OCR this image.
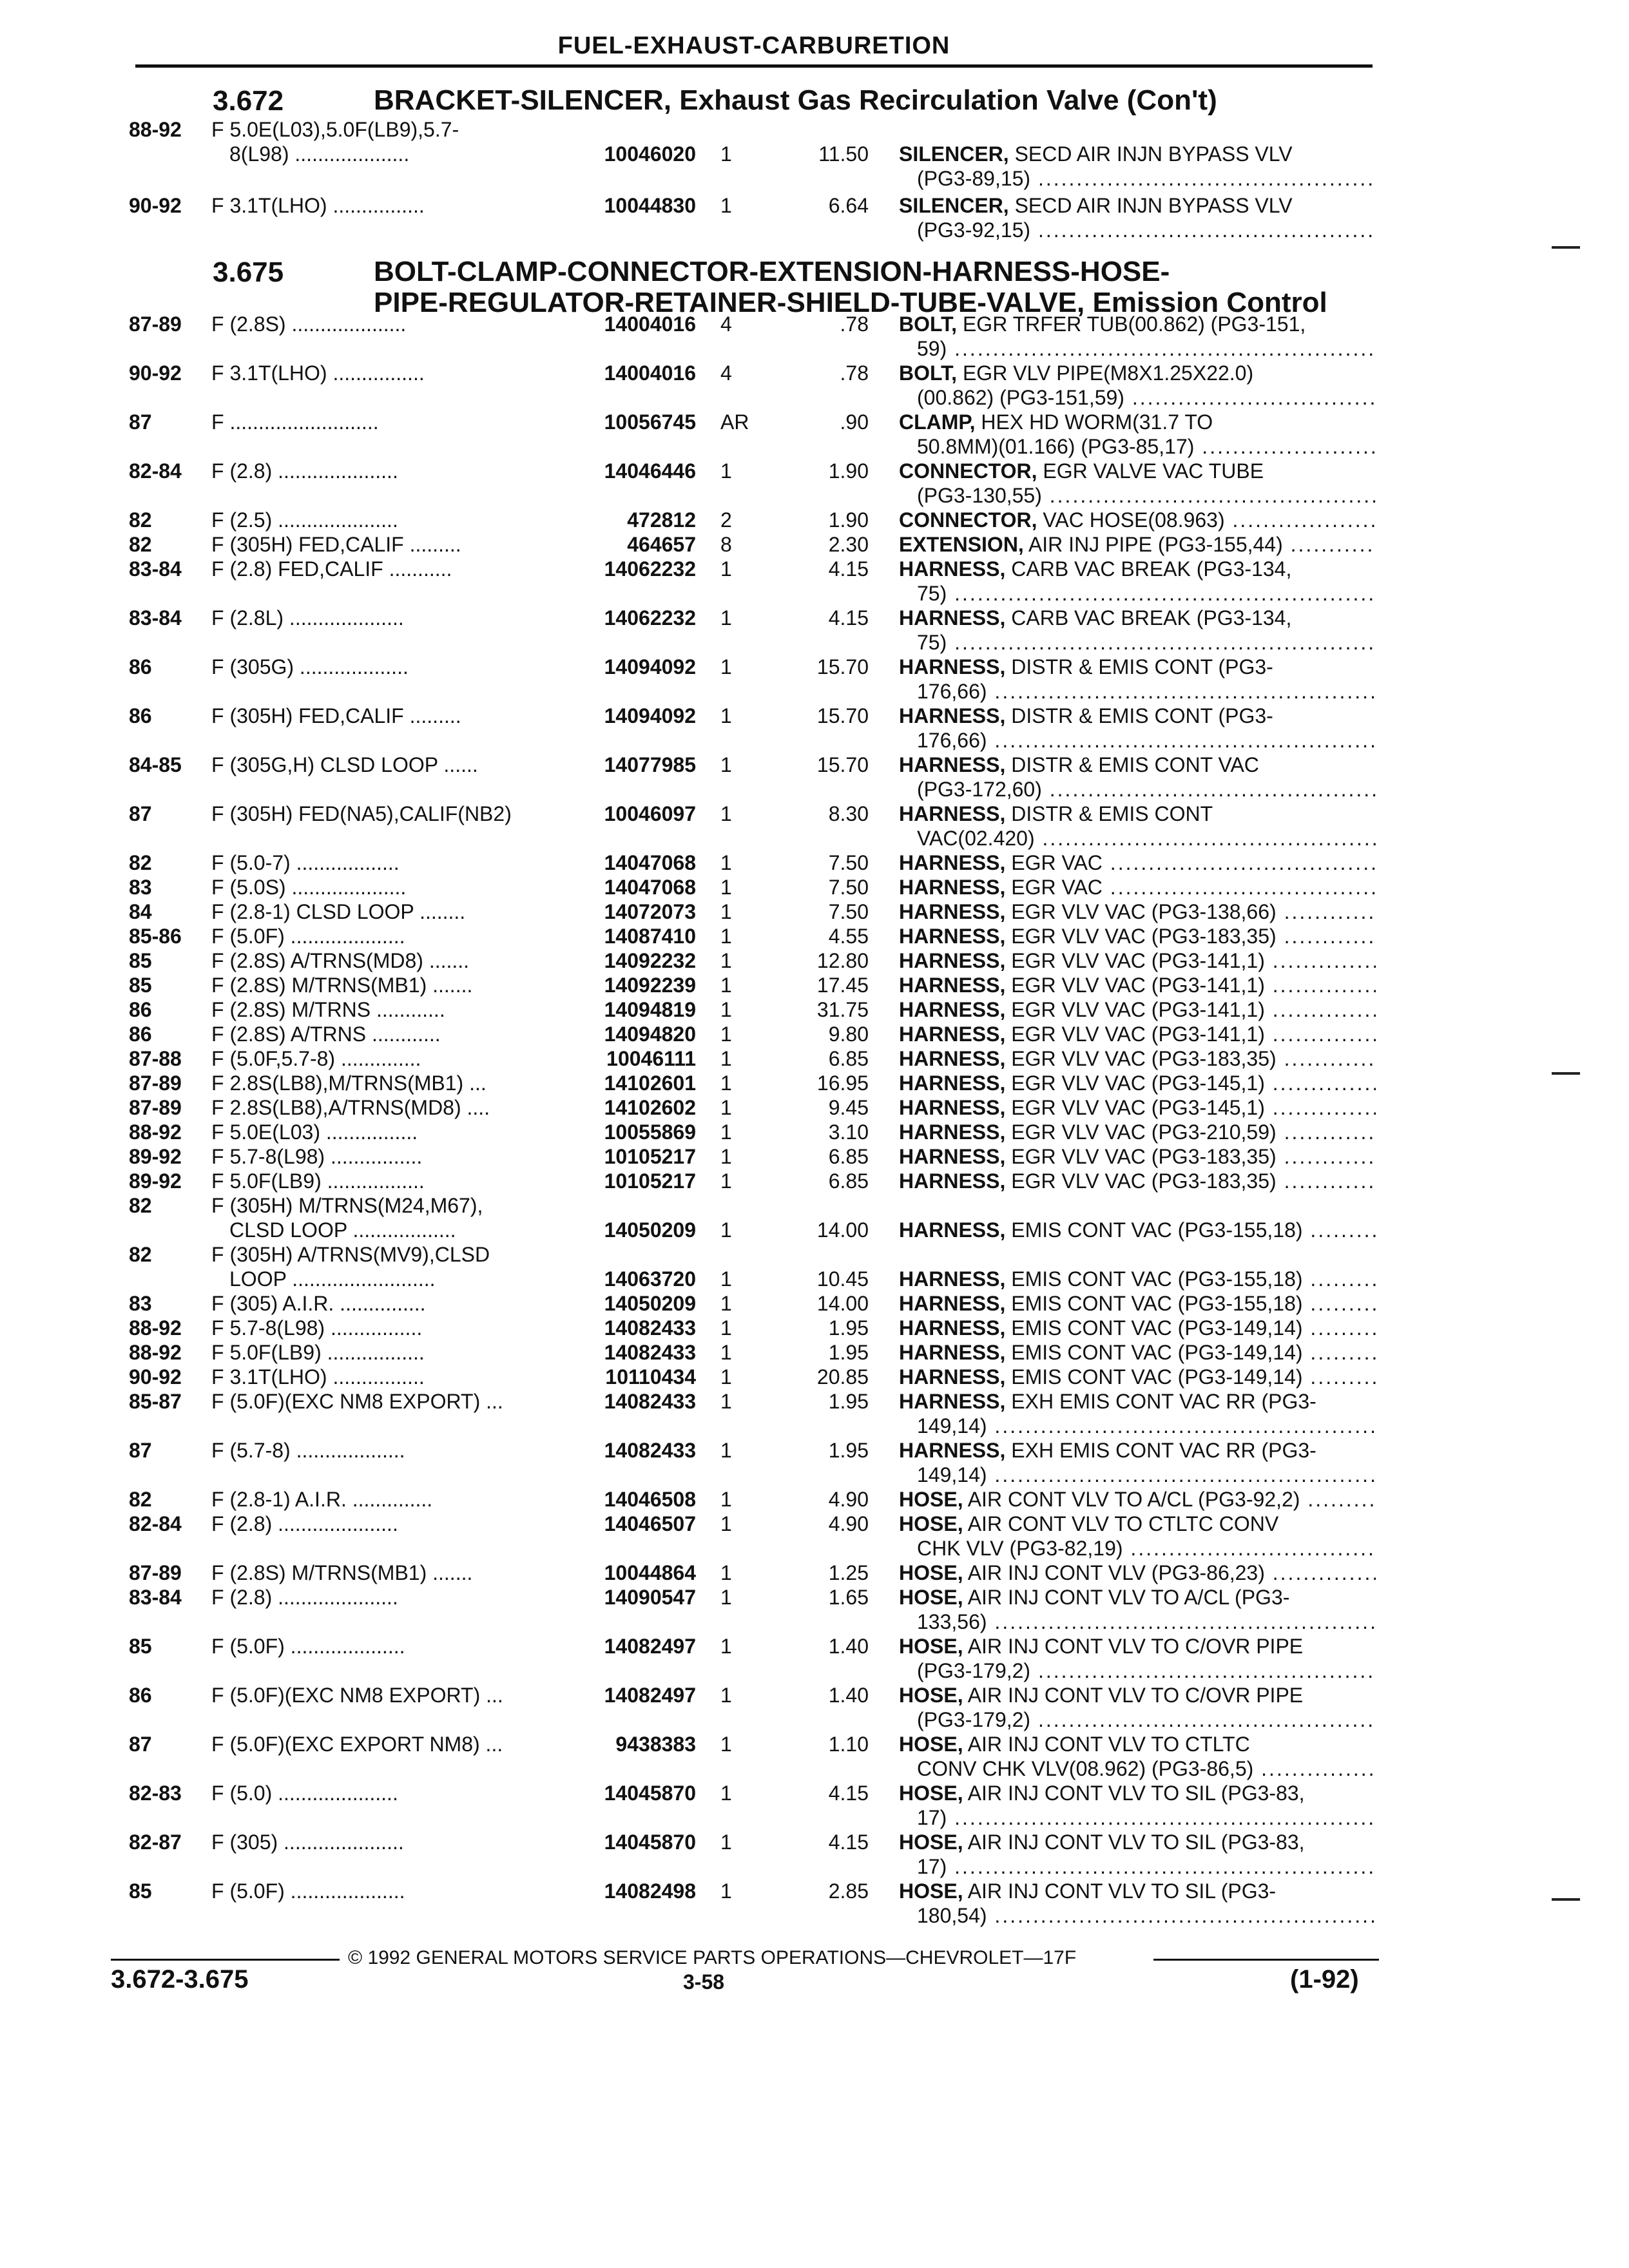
FUEL-EXHAUST-CARBURETION
3.672	BRACKET-SILENCER, Exhaust Gas Recirculation Valve (Con't)
3.675	BOLT-CLAMP-CONNECTOR-EXTENSION-HARNESS-HOSE-
PIPE-REGULATOR-RETAINER-SHIELD-TUBE-VALVE, Emission Control
88-92	F 5.0E(L03),5.0F(LB9),5.7-
8(L98) ....................	10046020 1	11.50 SILENCER, SECD AIR INJN BYPASS VLV
(PG3-89,15) .....
90-92	F 3.1T(LHO) ................	10044830 1	6.64 SILENCER, SECD AIR INJN BYPASS VLV
(PG3-92,15) .....
87-89	F (2.8S) ....................	14004016 4	.78 BOLT, EGR TRFER TUB(00.862) (PG3-151,
59) .....
90-92	F 3.1T(LHO) ................	14004016 4	.78 BOLT, EGR VLV PIPE(M8X1.25X22.0)
(00.862) (PG3-151,59) .....
87	F ..........................	10056745 AR	.90 CLAMP, HEX HD WORM(31.7 TO
50.8MM)(01.166) (PG3-85,17) .....
82-84	F (2.8) .....................	14046446 1	1.90 CONNECTOR, EGR VALVE VAC TUBE
(PG3-130,55) .....
82	F (2.5) .....................	472812 2	1.90 CONNECTOR, VAC HOSE(08.963) .....
82	F (305H) FED,CALIF .........	464657 8	2.30 EXTENSION, AIR INJ PIPE (PG3-155,44) .....
83-84	F (2.8) FED,CALIF ...........	14062232 1	4.15 HARNESS, CARB VAC BREAK (PG3-134,
75) .....
83-84	F (2.8L) ....................	14062232 1	4.15 HARNESS, CARB VAC BREAK (PG3-134,
75) .....
86	F (305G) ...................	14094092 1	15.70 HARNESS, DISTR & EMIS CONT (PG3-
176,66) .....
86	F (305H) FED,CALIF .........	14094092 1	15.70 HARNESS, DISTR & EMIS CONT (PG3-
176,66) .....
84-85	F (305G,H) CLSD LOOP ......	14077985 1	15.70 HARNESS, DISTR & EMIS CONT VAC
(PG3-172,60) .....
87	F (305H) FED(NA5),CALIF(NB2)	10046097 1	8.30 HARNESS, DISTR & EMIS CONT
VAC(02.420) .....
82	F (5.0-7) ..................	14047068 1	7.50 HARNESS, EGR VAC .....
83	F (5.0S) ....................	14047068 1	7.50 HARNESS, EGR VAC .....
84	F (2.8-1) CLSD LOOP ........	14072073 1	7.50 HARNESS, EGR VLV VAC (PG3-138,66) .....
85-86	F (5.0F) ....................	14087410 1	4.55 HARNESS, EGR VLV VAC (PG3-183,35) .....
85	F (2.8S) A/TRNS(MD8) .......	14092232 1	12.80 HARNESS, EGR VLV VAC (PG3-141,1) .....
85	F (2.8S) M/TRNS(MB1) .......	14092239 1	17.45 HARNESS, EGR VLV VAC (PG3-141,1) .....
86	F (2.8S) M/TRNS ............	14094819 1	31.75 HARNESS, EGR VLV VAC (PG3-141,1) .....
86	F (2.8S) A/TRNS ............	14094820 1	9.80 HARNESS, EGR VLV VAC (PG3-141,1) .....
87-88	F (5.0F,5.7-8) ..............	10046111 1	6.85 HARNESS, EGR VLV VAC (PG3-183,35) .....
87-89	F 2.8S(LB8),M/TRNS(MB1) ...	14102601 1	16.95 HARNESS, EGR VLV VAC (PG3-145,1) .....
87-89	F 2.8S(LB8),A/TRNS(MD8) ....	14102602 1	9.45 HARNESS, EGR VLV VAC (PG3-145,1) .....
88-92	F 5.0E(L03) ................	10055869 1	3.10 HARNESS, EGR VLV VAC (PG3-210,59) .....
89-92	F 5.7-8(L98) ................	10105217 1	6.85 HARNESS, EGR VLV VAC (PG3-183,35) .....
89-92	F 5.0F(LB9) .................	10105217 1	6.85 HARNESS, EGR VLV VAC (PG3-183,35) .....
82	F (305H) M/TRNS(M24,M67),
CLSD LOOP ..................	14050209 1	14.00 HARNESS, EMIS CONT VAC (PG3-155,18) .....
82	F (305H) A/TRNS(MV9),CLSD
LOOP .........................	14063720 1	10.45 HARNESS, EMIS CONT VAC (PG3-155,18) .....
83	F (305) A.I.R. ...............	14050209 1	14.00 HARNESS, EMIS CONT VAC (PG3-155,18) .....
88-92	F 5.7-8(L98) ................	14082433 1	1.95 HARNESS, EMIS CONT VAC (PG3-149,14) .....
88-92	F 5.0F(LB9) .................	14082433 1	1.95 HARNESS, EMIS CONT VAC (PG3-149,14) .....
90-92	F 3.1T(LHO) ................	10110434 1	20.85 HARNESS, EMIS CONT VAC (PG3-149,14) .....
85-87	F (5.0F)(EXC NM8 EXPORT) ...	14082433 1	1.95 HARNESS, EXH EMIS CONT VAC RR (PG3-
149,14) .....
87	F (5.7-8) ...................	14082433 1	1.95 HARNESS, EXH EMIS CONT VAC RR (PG3-
149,14) .....
82	F (2.8-1) A.I.R. ..............	14046508 1	4.90 HOSE, AIR CONT VLV TO A/CL (PG3-92,2) .....
82-84	F (2.8) .....................	14046507 1	4.90 HOSE, AIR CONT VLV TO CTLTC CONV
CHK VLV (PG3-82,19) .....
87-89	F (2.8S) M/TRNS(MB1) .......	10044864 1	1.25 HOSE, AIR INJ CONT VLV (PG3-86,23) .....
83-84	F (2.8) .....................	14090547 1	1.65 HOSE, AIR INJ CONT VLV TO A/CL (PG3-
133,56) .....
85	F (5.0F) ....................	14082497 1	1.40 HOSE, AIR INJ CONT VLV TO C/OVR PIPE
(PG3-179,2) .....
86	F (5.0F)(EXC NM8 EXPORT) ...	14082497 1	1.40 HOSE, AIR INJ CONT VLV TO C/OVR PIPE
(PG3-179,2) .....
87	F (5.0F)(EXC EXPORT NM8) ...	9438383 1	1.10 HOSE, AIR INJ CONT VLV TO CTLTC
CONV CHK VLV(08.962) (PG3-86,5) .....
82-83	F (5.0) .....................	14045870 1	4.15 HOSE, AIR INJ CONT VLV TO SIL (PG3-83,
17) .....
82-87	F (305) .....................	14045870 1	4.15 HOSE, AIR INJ CONT VLV TO SIL (PG3-83,
17) .....
85	F (5.0F) ....................	14082498 1	2.85 HOSE, AIR INJ CONT VLV TO SIL (PG3-
180,54) .....
© 1992 GENERAL MOTORS SERVICE PARTS OPERATIONS—CHEVROLET—17F
3.672-3.675	3-58	(1-92)
